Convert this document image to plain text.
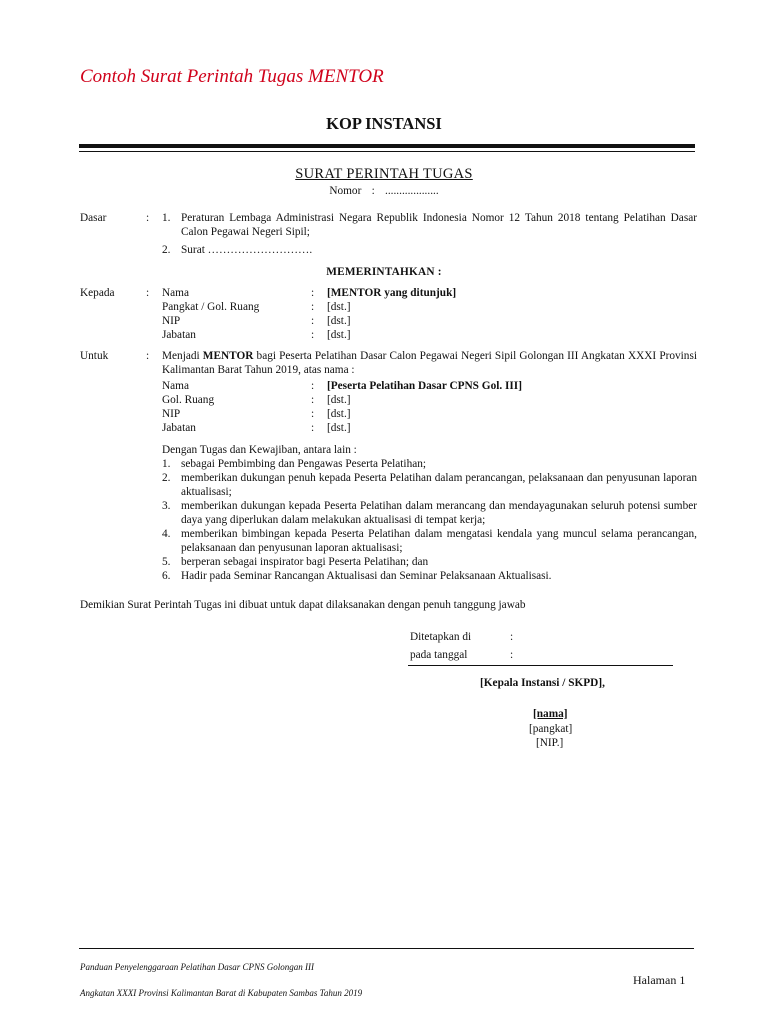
Contoh Surat Perintah Tugas MENTOR
KOP INSTANSI
SURAT PERINTAH TUGAS
Nomor : ...................
Dasar	: 1. Peraturan Lembaga Administrasi Negara Republik Indonesia Nomor 12 Tahun 2018 tentang Pelatihan Dasar Calon Pegawai Negeri Sipil;
2. Surat ……………………….
MEMERINTAHKAN :
Kepada	: Nama	: [MENTOR yang ditunjuk]
Pangkat / Gol. Ruang	: [dst.]
NIP	: [dst.]
Jabatan	: [dst.]
Untuk	: Menjadi MENTOR bagi Peserta Pelatihan Dasar Calon Pegawai Negeri Sipil Golongan III Angkatan XXXI Provinsi Kalimantan Barat Tahun 2019, atas nama :
Nama	: [Peserta Pelatihan Dasar CPNS Gol. III]
Gol. Ruang	: [dst.]
NIP	: [dst.]
Jabatan	: [dst.]
Dengan Tugas dan Kewajiban, antara lain :
1. sebagai Pembimbing dan Pengawas Peserta Pelatihan;
2. memberikan dukungan penuh kepada Peserta Pelatihan dalam perancangan, pelaksanaan dan penyusunan laporan aktualisasi;
3. memberikan dukungan kepada Peserta Pelatihan dalam merancang dan mendayagunakan seluruh potensi sumber daya yang diperlukan dalam melakukan aktualisasi di tempat kerja;
4. memberikan bimbingan kepada Peserta Pelatihan dalam mengatasi kendala yang muncul selama perancangan, pelaksanaan dan penyusunan laporan aktualisasi;
5. berperan sebagai inspirator bagi Peserta Pelatihan; dan
6. Hadir pada Seminar Rancangan Aktualisasi dan Seminar Pelaksanaan Aktualisasi.
Demikian Surat Perintah Tugas ini dibuat untuk dapat dilaksanakan dengan penuh tanggung jawab
Ditetapkan di	:
pada tanggal	:
[Kepala Instansi / SKPD],
[nama]
[pangkat]
[NIP.]
Panduan Penyelenggaraan Pelatihan Dasar CPNS Golongan III
Angkatan XXXI Provinsi Kalimantan Barat di Kabupaten Sambas Tahun 2019
Halaman 1
